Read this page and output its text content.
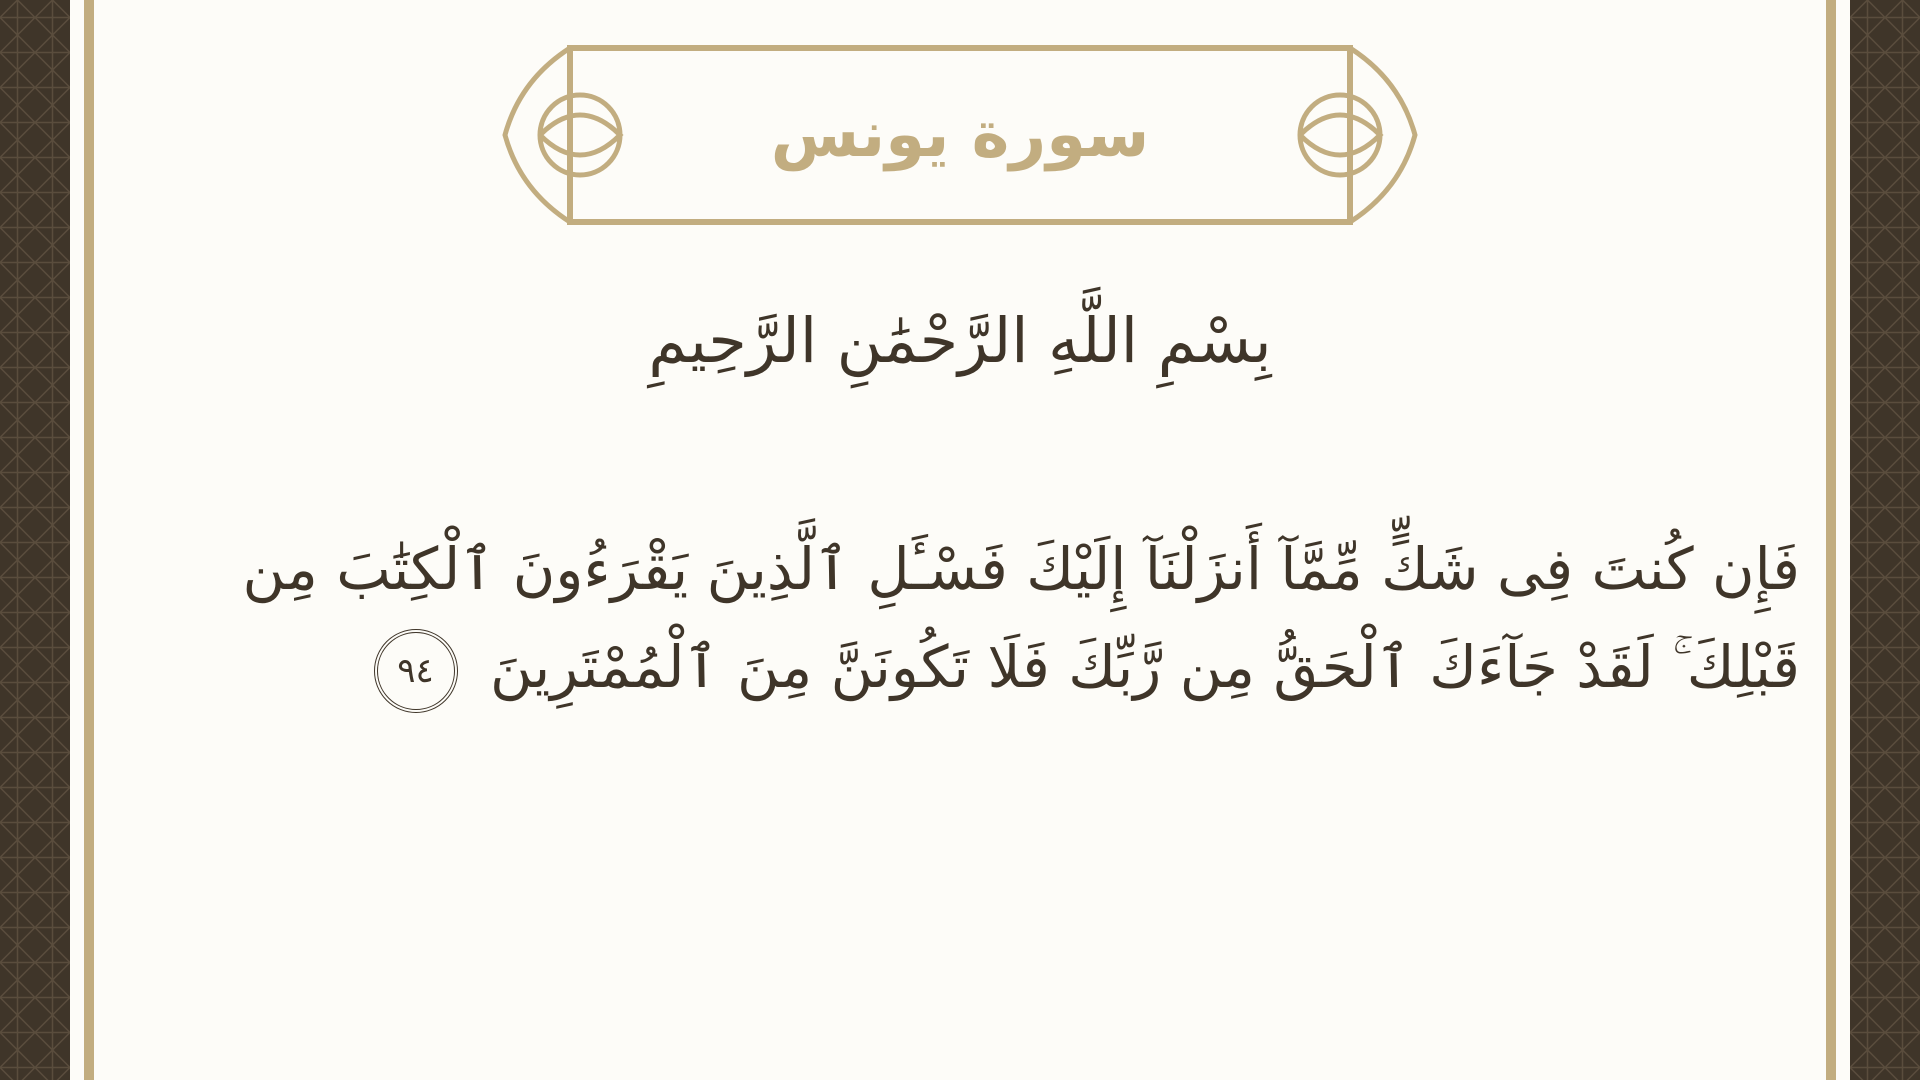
سورة يونس
بِسْمِ اللَّهِ الرَّحْمَٰنِ الرَّحِيمِ
فَإِن كُنتَ فِى شَكٍّ مِّمَّآ أَنزَلْنَآ إِلَيْكَ فَسْـَٔلِ ٱلَّذِينَ يَقْرَءُونَ ٱلْكِتَٰبَ مِن قَبْلِكَ ۚ لَقَدْ جَآءَكَ ٱلْحَقُّ مِن رَّبِّكَ فَلَا تَكُونَنَّ مِنَ ٱلْمُمْتَرِينَ ٩٤
